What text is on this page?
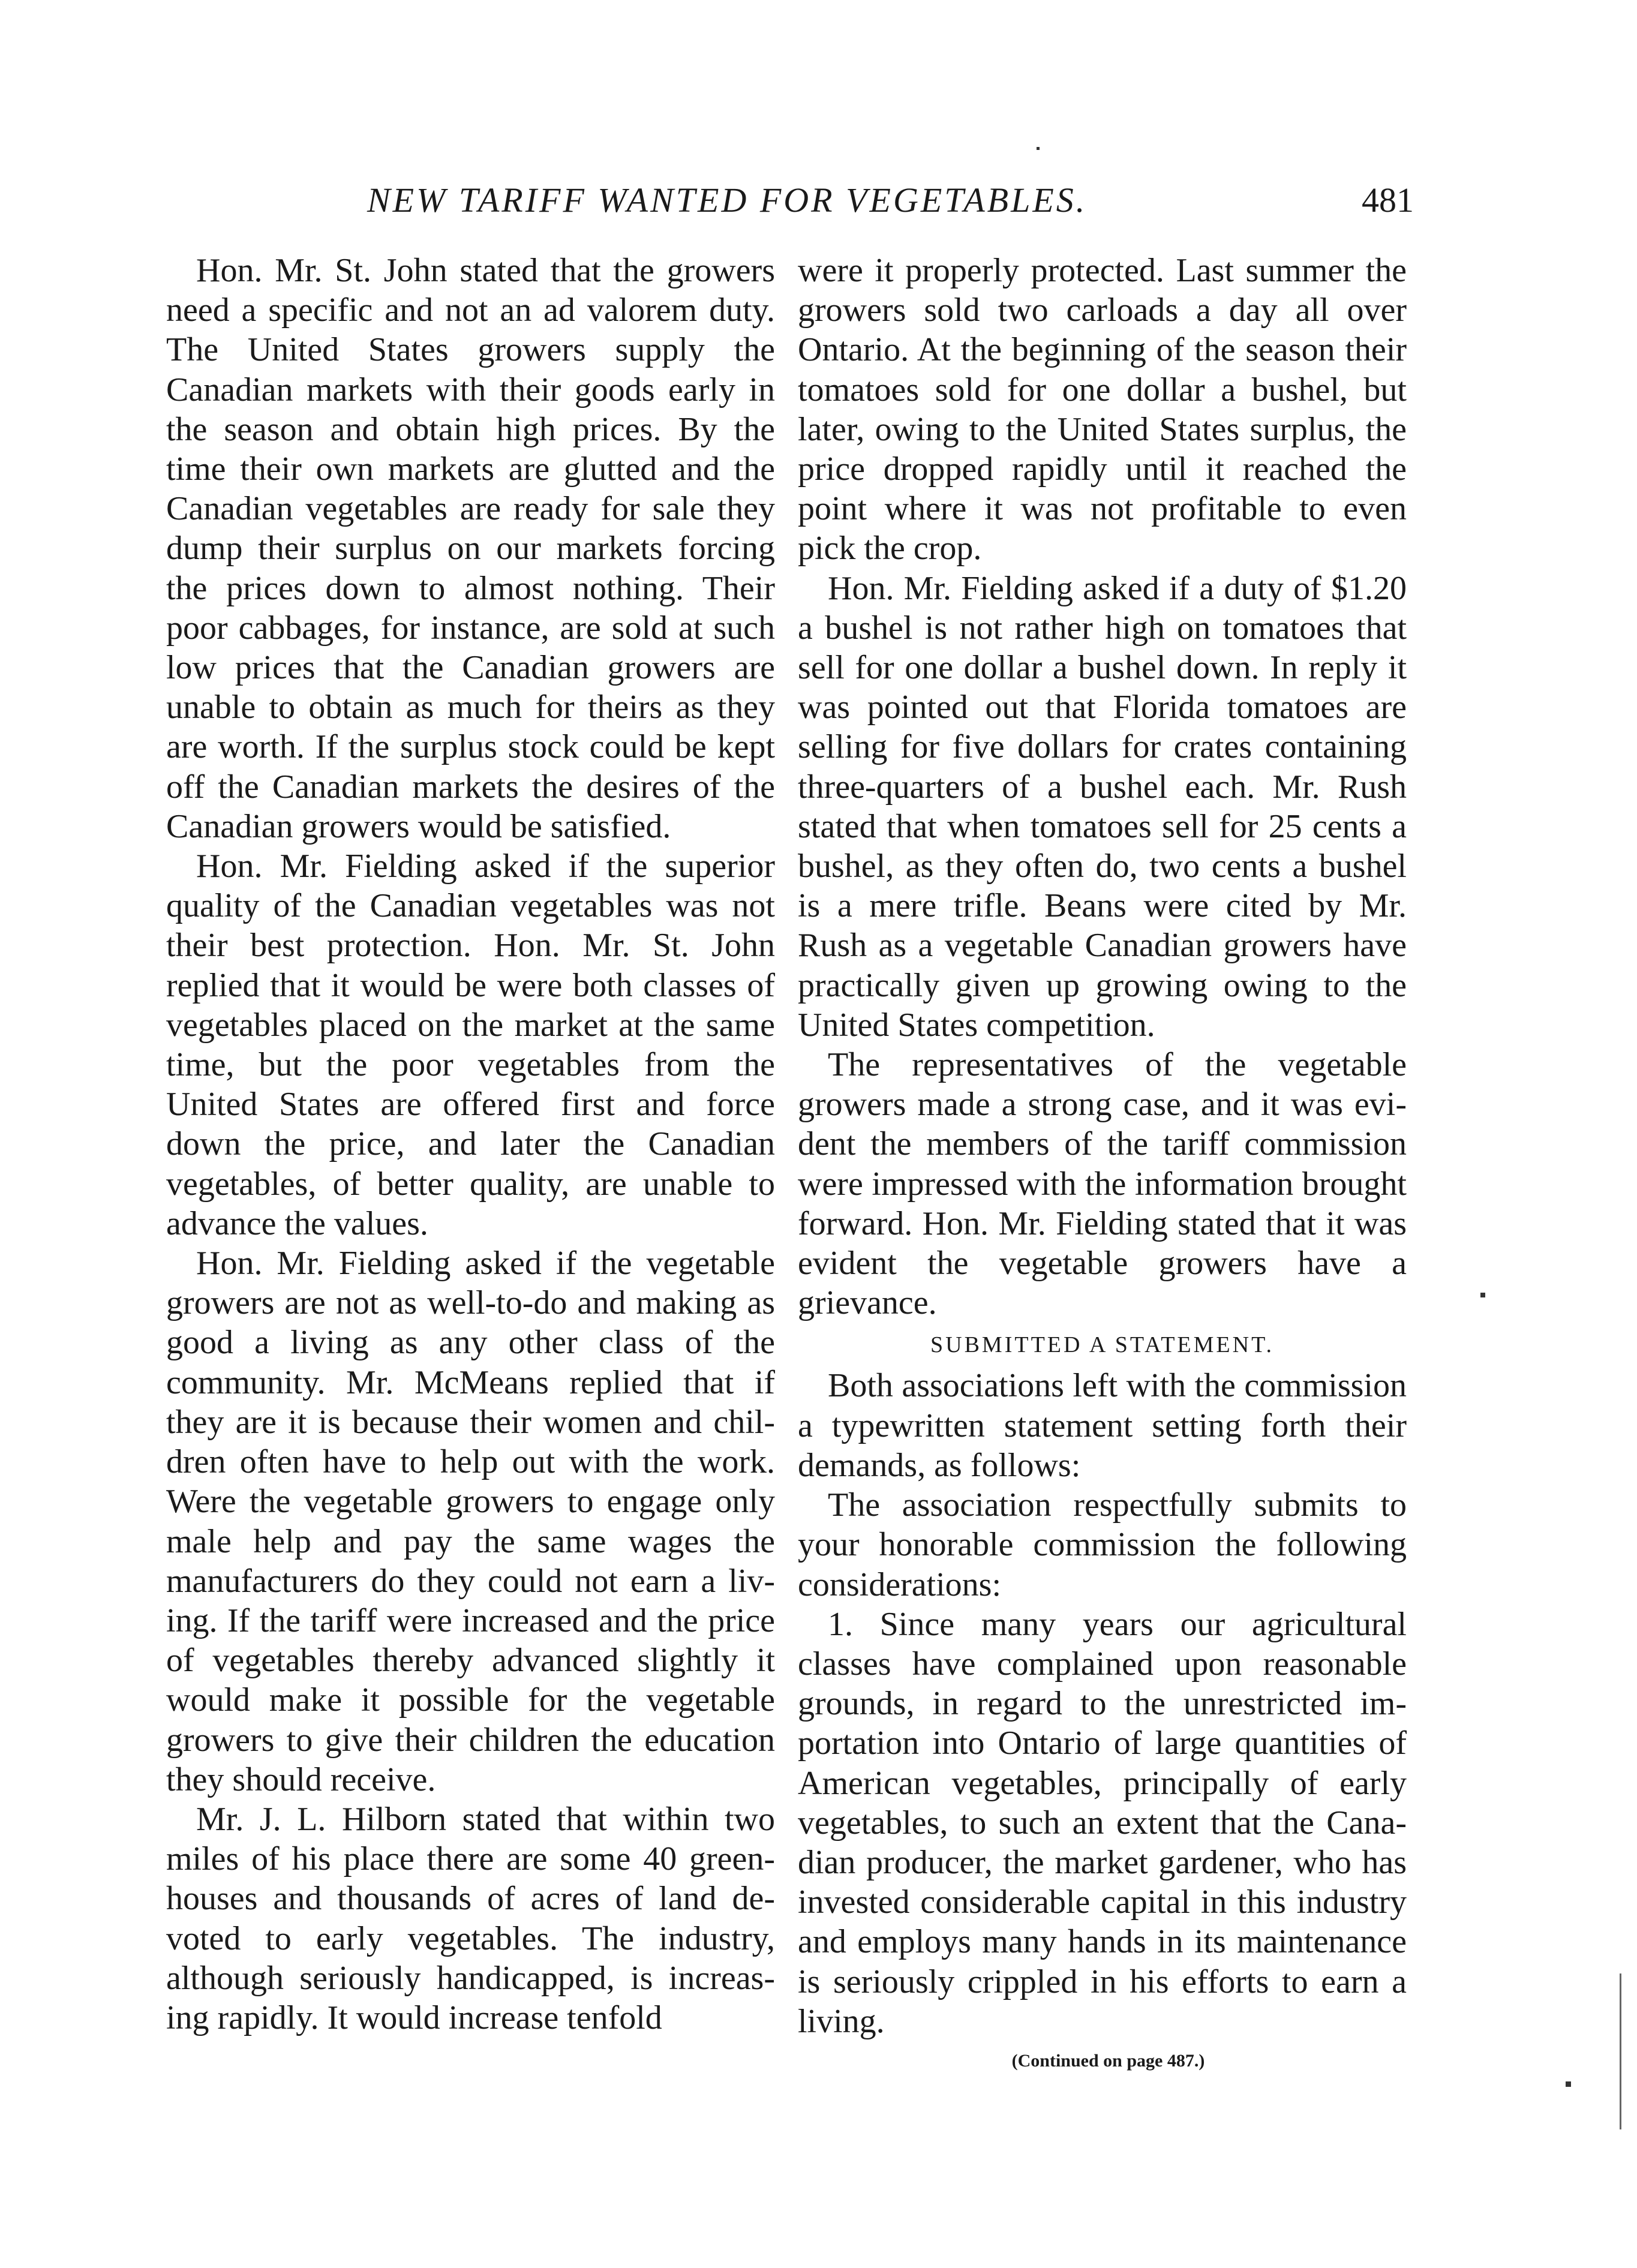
NEW TARIFF WANTED FOR VEGETABLES.	481

Hon. Mr. St. John stated that the growers need a specific and not an ad valorem duty. The United States growers supply the Canadian markets with their goods early in the season and obtain high prices. By the time their own markets are glutted and the Canadian vegetables are ready for sale they dump their surplus on our markets forcing the prices down to almost nothing. Their poor cabbages, for instance, are sold at such low prices that the Canadian growers are unable to obtain as much for theirs as they are worth. If the surplus stock could be kept off the Canadian markets the desires of the Canadian growers would be satisfied.

Hon. Mr. Fielding asked if the superior quality of the Canadian vegetables was not their best protection. Hon. Mr. St. John replied that it would be were both classes of vegetables placed on the market at the same time, but the poor vegetables from the United States are offered first and force down the price, and later the Canadian vegetables, of better quality, are unable to advance the values.

Hon. Mr. Fielding asked if the vegetable growers are not as well-to-do and making as good a living as any other class of the community. Mr. McMeans replied that if they are it is because their women and children often have to help out with the work. Were the vegetable growers to engage only male help and pay the same wages the manufacturers do they could not earn a living. If the tariff were increased and the price of vegetables thereby advanced slightly it would make it possible for the vegetable growers to give their children the education they should receive.

Mr. J. L. Hilborn stated that within two miles of his place there are some 40 greenhouses and thousands of acres of land devoted to early vegetables. The industry, although seriously handicapped, is increasing rapidly. It would increase tenfold

were it properly protected. Last summer the growers sold two carloads a day all over Ontario. At the beginning of the season their tomatoes sold for one dollar a bushel, but later, owing to the United States surplus, the price dropped rapidly until it reached the point where it was not profitable to even pick the crop.

Hon. Mr. Fielding asked if a duty of $1.20 a bushel is not rather high on tomatoes that sell for one dollar a bushel down. In reply it was pointed out that Florida tomatoes are selling for five dollars for crates containing three-quarters of a bushel each. Mr. Rush stated that when tomatoes sell for 25 cents a bushel, as they often do, two cents a bushel is a mere trifle. Beans were cited by Mr. Rush as a vegetable Canadian growers have practically given up growing owing to the United States competition.

The representatives of the vegetable growers made a strong case, and it was evident the members of the tariff commission were impressed with the information brought forward. Hon. Mr. Fielding stated that it was evident the vegetable growers have a grievance.

SUBMITTED A STATEMENT.

Both associations left with the commission a typewritten statement setting forth their demands, as follows:

The association respectfully submits to your honorable commission the following considerations:

1. Since many years our agricultural classes have complained upon reasonable grounds, in regard to the unrestricted importation into Ontario of large quantities of American vegetables, principally of early vegetables, to such an extent that the Canadian producer, the market gardener, who has invested considerable capital in this industry and employs many hands in its maintenance is seriously crippled in his efforts to earn a living.

(Continued on page 487.)
